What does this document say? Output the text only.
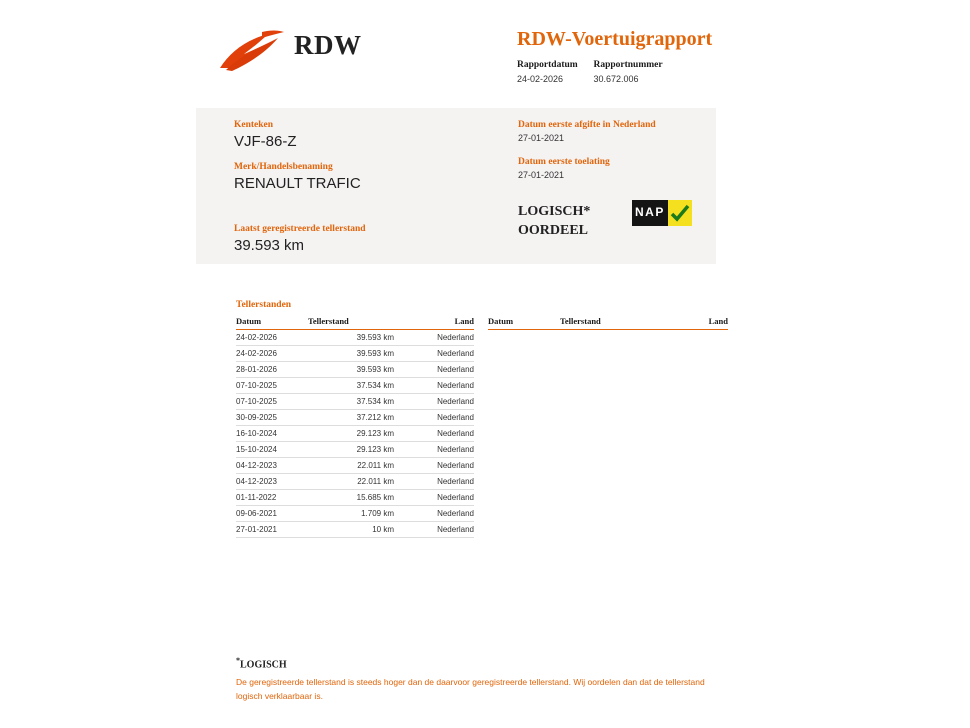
RDW	RDW-Voertuigrapport
Rapportdatum
24-02-2026

Rapportnummer
30.672.006
Kenteken
VJF-86-Z
Merk/Handelsbenaming
RENAULT TRAFIC
Laatst geregistreerde tellerstand
39.593 km
Datum eerste afgifte in Nederland
27-01-2021
Datum eerste toelating
27-01-2021
LOGISCH*
OORDEEL
NAP
Tellerstanden
Datum	Tellerstand	Land
24-02-2026	39.593 km	Nederland
24-02-2026	39.593 km	Nederland
28-01-2026	39.593 km	Nederland
07-10-2025	37.534 km	Nederland
07-10-2025	37.534 km	Nederland
30-09-2025	37.212 km	Nederland
16-10-2024	29.123 km	Nederland
15-10-2024	29.123 km	Nederland
04-12-2023	22.011 km	Nederland
04-12-2023	22.011 km	Nederland
01-11-2022	15.685 km	Nederland
09-06-2021	1.709 km	Nederland
27-01-2021	10 km	Nederland
Datum	Tellerstand	Land
*LOGISCH
De geregistreerde tellerstand is steeds hoger dan de daarvoor geregistreerde tellerstand. Wij oordelen dan dat de tellerstand logisch verklaarbaar is.
